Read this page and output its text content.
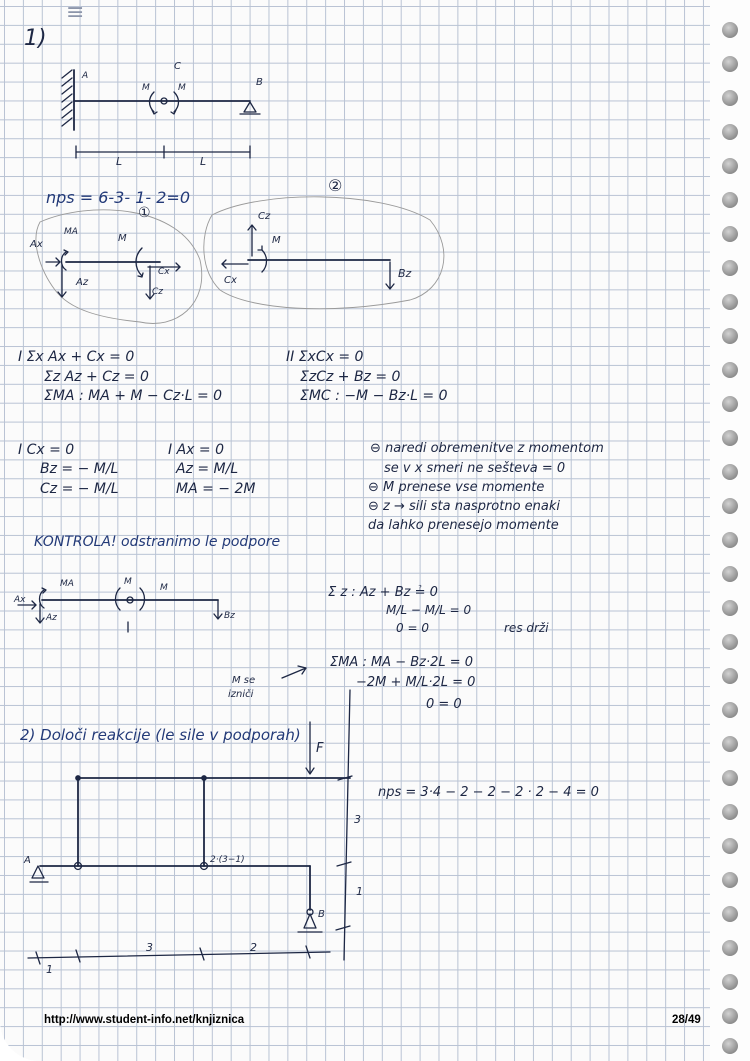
≡
1)
A
C
M	M	B
L	L
nps = 6-3- 1- 2=0
①
②
Ax
MA
Az
M
Cx
Cz
Cz
M
Cx
Bz
I Σx Ax + Cx = 0
Σz Az + Cz = 0
ΣMA : MA + M − Cz·L = 0
II ΣxCx = 0
ΣzCz + Bz = 0
ΣMC : −M − Bz·L = 0
I Cx = 0
Bz = − M/L
Cz = − M/L
I Ax = 0
Az = M/L
MA = − 2M
⊖ naredi obremenitve z momentom
se v x smeri ne sešteva = 0
⊖ M prenese vse momente
⊖ z → sili sta nasprotno enaki
da lahko prenesejo momente
KONTROLA! odstranimo le podpore
Ax
MA
Az
M
M
Bz
Σ z : Az + Bz ≟ 0
M/L − M/L = 0
0 = 0	res drži
ΣMA : MA − Bz·2L = 0
−2M + M/L·2L = 0
0 = 0
M se
izniči
2) Določi reakcije (le sile v podporah)
F
nps = 3·4 − 2 − 2 − 2 · 2 − 4 = 0
A	2·(3−1)
B
3
1
3	2
1
http://www.student-info.net/knjiznica	28/49
